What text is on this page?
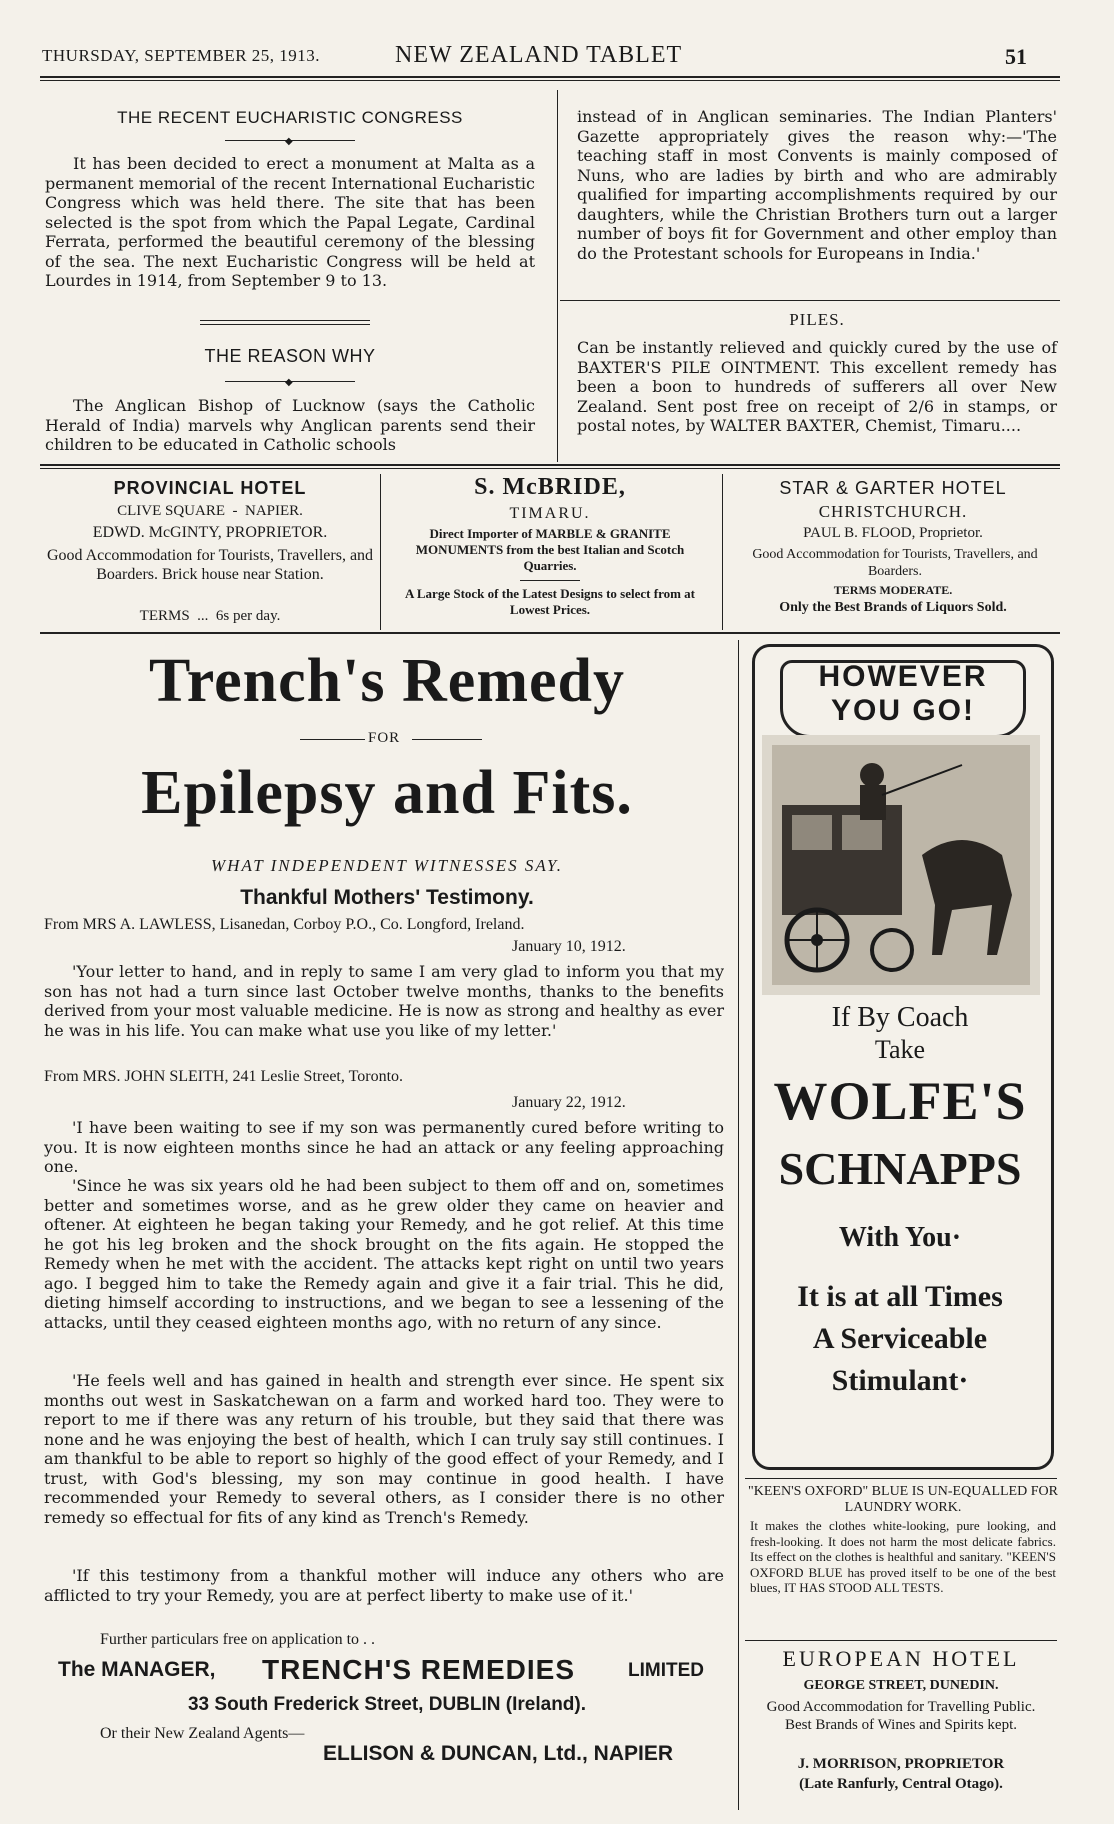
THURSDAY, SEPTEMBER 25, 1913.	NEW ZEALAND TABLET	51
THE RECENT EUCHARISTIC CONGRESS
◆
It has been decided to erect a monument at Malta as a permanent memorial of the recent International Eucharistic Congress which was held there. The site that has been selected is the spot from which the Papal Legate, Cardinal Ferrata, performed the beautiful ceremony of the blessing of the sea. The next Eucharistic Congress will be held at Lourdes in 1914, from September 9 to 13.
THE REASON WHY
◆
The Anglican Bishop of Lucknow (says the Catholic Herald of India) marvels why Anglican parents send their children to be educated in Catholic schools
instead of in Anglican seminaries. The Indian Planters' Gazette appropriately gives the reason why:—'The teaching staff in most Convents is mainly composed of Nuns, who are ladies by birth and who are admirably qualified for imparting accomplishments required by our daughters, while the Christian Brothers turn out a larger number of boys fit for Government and other employ than do the Protestant schools for Europeans in India.'
PILES.
Can be instantly relieved and quickly cured by the use of BAXTER'S PILE OINTMENT. This excellent remedy has been a boon to hundreds of sufferers all over New Zealand. Sent post free on receipt of 2/6 in stamps, or postal notes, by WALTER BAXTER, Chemist, Timaru....
PROVINCIAL HOTEL
CLIVE SQUARE  -  NAPIER.
EDWD. McGINTY, PROPRIETOR.
Good Accommodation for Tourists, Travellers, and Boarders. Brick house near Station.
TERMS  ...  6s per day.
S. McBRIDE,
TIMARU.
Direct Importer of MARBLE & GRANITE MONUMENTS from the best Italian and Scotch Quarries.
A Large Stock of the Latest Designs to select from at Lowest Prices.
STAR & GARTER HOTEL
CHRISTCHURCH.
PAUL B. FLOOD, Proprietor.
Good Accommodation for Tourists, Travellers, and Boarders.
TERMS MODERATE.
Only the Best Brands of Liquors Sold.
Trench's Remedy
FOR
Epilepsy and Fits.
WHAT INDEPENDENT WITNESSES SAY.
Thankful Mothers' Testimony.
From MRS A. LAWLESS, Lisanedan, Corboy P.O., Co. Longford, Ireland.
January 10, 1912.
'Your letter to hand, and in reply to same I am very glad to inform you that my son has not had a turn since last October twelve months, thanks to the benefits derived from your most valuable medicine. He is now as strong and healthy as ever he was in his life. You can make what use you like of my letter.'
From MRS. JOHN SLEITH, 241 Leslie Street, Toronto.
January 22, 1912.
'I have been waiting to see if my son was permanently cured before writing to you. It is now eighteen months since he had an attack or any feeling approaching one.
'Since he was six years old he had been subject to them off and on, sometimes better and sometimes worse, and as he grew older they came on heavier and oftener. At eighteen he began taking your Remedy, and he got relief. At this time he got his leg broken and the shock brought on the fits again. He stopped the Remedy when he met with the accident. The attacks kept right on until two years ago. I begged him to take the Remedy again and give it a fair trial. This he did, dieting himself according to instructions, and we began to see a lessening of the attacks, until they ceased eighteen months ago, with no return of any since.
'He feels well and has gained in health and strength ever since. He spent six months out west in Saskatchewan on a farm and worked hard too. They were to report to me if there was any return of his trouble, but they said that there was none and he was enjoying the best of health, which I can truly say still continues. I am thankful to be able to report so highly of the good effect of your Remedy, and I trust, with God's blessing, my son may continue in good health. I have recommended your Remedy to several others, as I consider there is no other remedy so effectual for fits of any kind as Trench's Remedy.
'If this testimony from a thankful mother will induce any others who are afflicted to try your Remedy, you are at perfect liberty to make use of it.'
Further particulars free on application to . .
The MANAGER, TRENCH'S REMEDIES	LIMITED
33 South Frederick Street, DUBLIN (Ireland).
Or their New Zealand Agents—
ELLISON & DUNCAN, Ltd., NAPIER
HOWEVER
YOU GO!
If By Coach
Take
WOLFE'S
SCHNAPPS
With You·
It is at all Times
A Serviceable
Stimulant·
"KEEN'S OXFORD" BLUE IS UN-EQUALLED FOR LAUNDRY WORK.
It makes the clothes white-looking, pure looking, and fresh-looking. It does not harm the most delicate fabrics. Its effect on the clothes is healthful and sanitary. "KEEN'S OXFORD BLUE has proved itself to be one of the best blues, IT HAS STOOD ALL TESTS.
EUROPEAN HOTEL
GEORGE STREET, DUNEDIN.
Good Accommodation for Travelling Public. Best Brands of Wines and Spirits kept.
J. MORRISON, PROPRIETOR
(Late Ranfurly, Central Otago).
